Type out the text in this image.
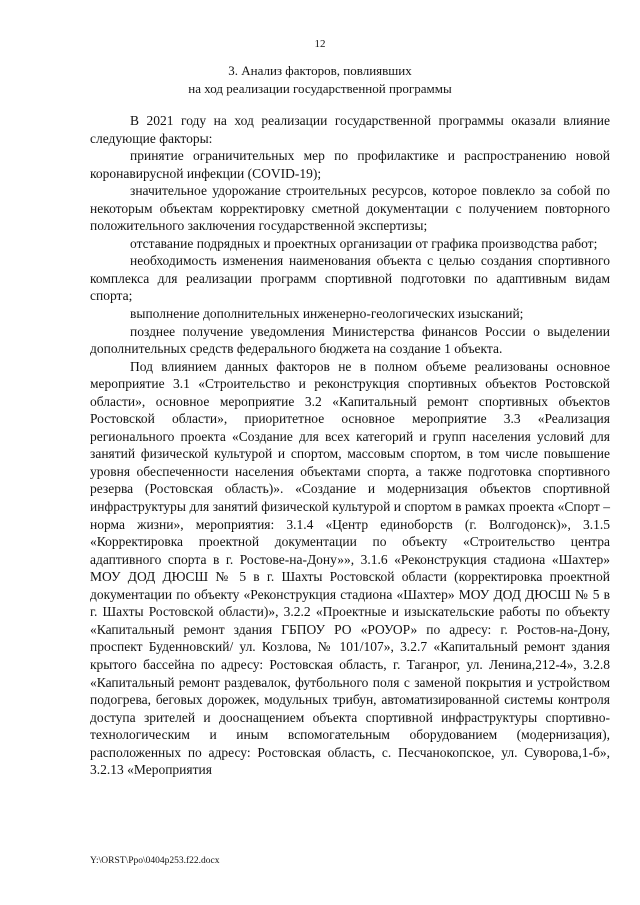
12
3. Анализ факторов, повлиявших
на ход реализации государственной программы

В 2021 году на ход реализации государственной программы оказали влияние следующие факторы:

принятие ограничительных мер по профилактике и распространению новой коронавирусной инфекции (COVID-19);

значительное удорожание строительных ресурсов, которое повлекло за собой по некоторым объектам корректировку сметной документации с получением повторного положительного заключения государственной экспертизы;

отставание подрядных и проектных организации от графика производства работ;

необходимость изменения наименования объекта с целью создания спортивного комплекса для реализации программ спортивной подготовки по адаптивным видам спорта;

выполнение дополнительных инженерно-геологических изысканий;

позднее получение уведомления Министерства финансов России о выделении дополнительных средств федерального бюджета на создание 1 объекта.

Под влиянием данных факторов не в полном объеме реализованы основное мероприятие 3.1 «Строительство и реконструкция спортивных объектов Ростовской области», основное мероприятие 3.2 «Капитальный ремонт спортивных объектов Ростовской области», приоритетное основное мероприятие 3.3 «Реализация регионального проекта «Создание для всех категорий и групп населения условий для занятий физической культурой и спортом, массовым спортом, в том числе повышение уровня обеспеченности населения объектами спорта, а также подготовка спортивного резерва (Ростовская область)». «Создание и модернизация объектов спортивной инфраструктуры для занятий физической культурой и спортом в рамках проекта «Спорт – норма жизни», мероприятия: 3.1.4 «Центр единоборств (г. Волгодонск)», 3.1.5 «Корректировка проектной документации по объекту «Строительство центра адаптивного спорта в г. Ростове-на-Дону»», 3.1.6 «Реконструкция стадиона «Шахтер» МОУ ДОД ДЮСШ № 5 в г. Шахты Ростовской области (корректировка проектной документации по объекту «Реконструкция стадиона «Шахтер» МОУ ДОД ДЮСШ № 5 в г. Шахты Ростовской области)», 3.2.2 «Проектные и изыскательские работы по объекту «Капитальный ремонт здания ГБПОУ РО «РОУОР» по адресу: г. Ростов-на-Дону, проспект Буденновский/ ул. Козлова, № 101/107», 3.2.7 «Капитальный ремонт здания крытого бассейна по адресу: Ростовская область, г. Таганрог, ул. Ленина,212-4», 3.2.8 «Капитальный ремонт раздевалок, футбольного поля с заменой покрытия и устройством подогрева, беговых дорожек, модульных трибун, автоматизированной системы контроля доступа зрителей и дооснащением объекта спортивной инфраструктуры спортивно-технологическим и иным вспомогательным оборудованием (модернизация), расположенных по адресу: Ростовская область, с. Песчанокопское, ул. Суворова,1-б», 3.2.13 «Мероприятия

Y:\ORST\Ppo\0404p253.f22.docx
